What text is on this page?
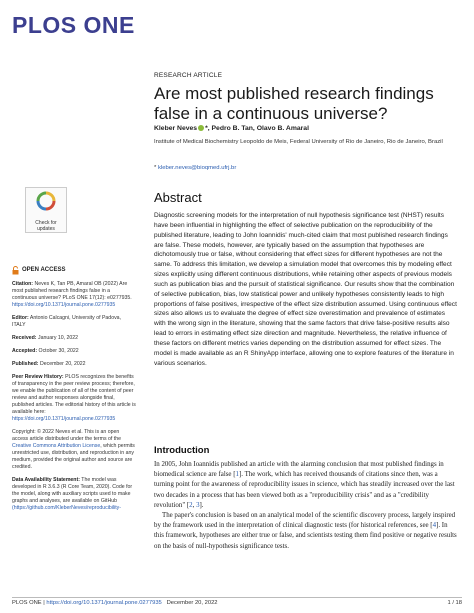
PLOS ONE
Check for
updates
RESEARCH ARTICLE
Are most published research findings false in a continuous universe?
Kleber Neves *, Pedro B. Tan, Olavo B. Amaral
Institute of Medical Biochemistry Leopoldo de Meis, Federal University of Rio de Janeiro, Rio de Janeiro, Brazil
* kleber.neves@bioqmed.ufrj.br
Abstract

Diagnostic screening models for the interpretation of null hypothesis significance test (NHST) results have been influential in highlighting the effect of selective publication on the reproducibility of the published literature, leading to John Ioannidis' much-cited claim that most published research findings are false. These models, however, are typically based on the assumption that hypotheses are dichotomously true or false, without considering that effect sizes for different hypotheses are not the same. To address this limitation, we develop a simulation model that overcomes this by modeling effect sizes explicitly using different continuous distributions, while retaining other aspects of previous models such as publication bias and the pursuit of statistical significance. Our results show that the combination of selective publication, bias, low statistical power and unlikely hypotheses consistently leads to high proportions of false positives, irrespective of the effect size distribution assumed. Using continuous effect sizes also allows us to evaluate the degree of effect size overestimation and prevalence of estimates with the wrong sign in the literature, showing that the same factors that drive false-positive results also lead to errors in estimating effect size direction and magnitude. Nevertheless, the relative influence of these factors on different metrics varies depending on the distribution assumed for effect sizes. The model is made available as an R ShinyApp interface, allowing one to explore features of the literature in various scenarios.

Introduction

In 2005, John Ioannidis published an article with the alarming conclusion that most published findings in biomedical science are false [1]. The work, which has received thousands of citations since then, was a turning point for the awareness of reproducibility issues in science, which has steadily increased over the last two decades in a process that has been viewed both as a "reproducibility crisis" and as a "credibility revolution" [2, 3].

The paper's conclusion is based on an analytical model of the scientific discovery process, largely inspired by the framework used in the interpretation of clinical diagnostic tests (for historical references, see [4]. In this framework, hypotheses are either true or false, and scientists testing them find positive or negative results on the basis of null-hypothesis significance tests.

OPEN ACCESS
Citation: Neves K, Tan PB, Amaral OB (2022) Are most published research findings false in a continuous universe? PLoS ONE 17(12): e0277935. https://doi.org/10.1371/journal.pone.0277935
Editor: Antonio Calcagni, University of Padova, ITALY
Received: January 10, 2022
Accepted: October 30, 2022
Published: December 20, 2022
Peer Review History: PLOS recognizes the benefits of transparency in the peer review process; therefore, we enable the publication of all of the content of peer review and author responses alongside final, published articles. The editorial history of this article is available here: https://doi.org/10.1371/journal.pone.0277935
Copyright: © 2022 Neves et al. This is an open access article distributed under the terms of the Creative Commons Attribution License, which permits unrestricted use, distribution, and reproduction in any medium, provided the original author and source are credited.
Data Availability Statement: The model was developed in R 3.6.3 (R Core Team, 2020). Code for the model, along with auxiliary scripts used to make graphs and analyses, are available on GitHub (https://github.com/KleberNeves/reproducibility-
PLOS ONE | https://doi.org/10.1371/journal.pone.0277935 December 20, 2022	1 / 18
